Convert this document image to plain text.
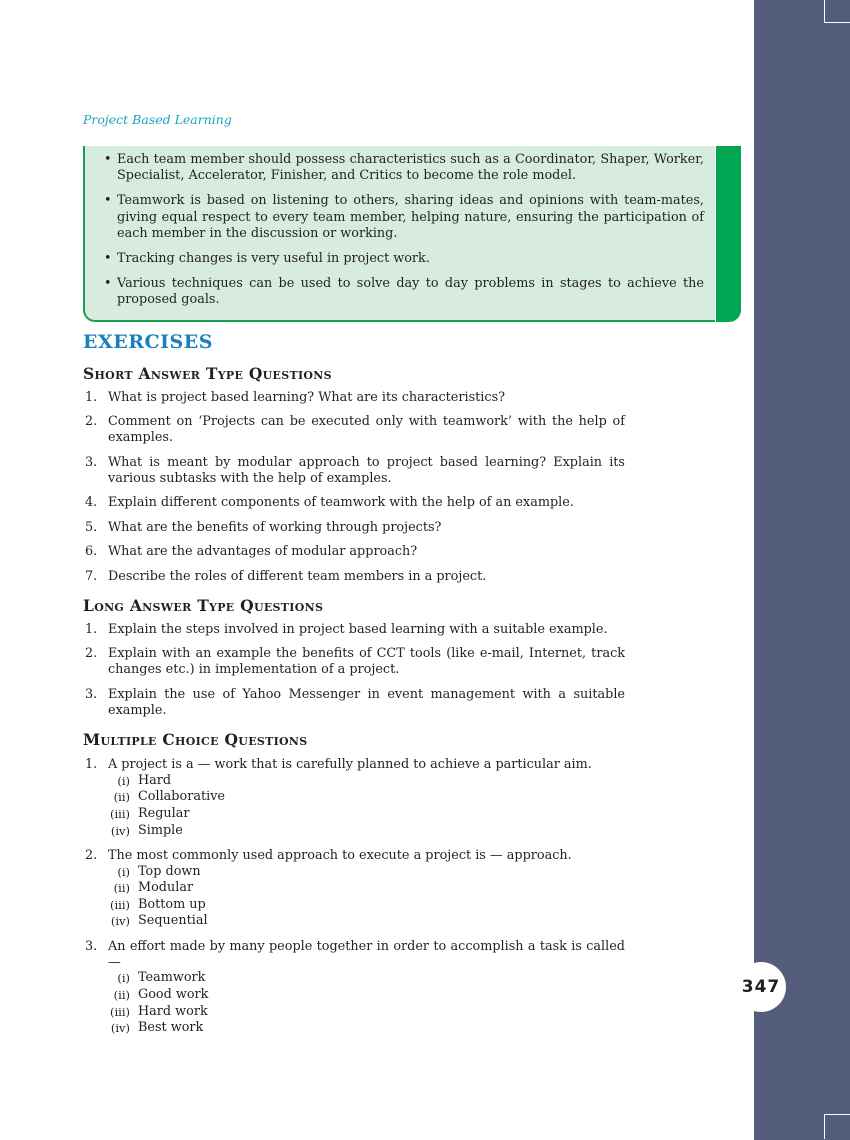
347
Project Based Learning
• Each team member should possess characteristics such as a Coordinator, Shaper, Worker, Specialist, Accelerator, Finisher, and Critics to become the role model.
• Teamwork is based on listening to others, sharing ideas and opinions with team-mates, giving equal respect to every team member, helping nature, ensuring the participation of each member in the discussion or working.
• Tracking changes is very useful in project work.
• Various techniques can be used to solve day to day problems in stages to achieve the proposed goals.
EXERCISES
Short Answer Type Questions
1. What is project based learning? What are its characteristics?
2. Comment on ‘Projects can be executed only with teamwork’ with the help of examples.
3. What is meant by modular approach to project based learning? Explain its various subtasks with the help of examples.
4. Explain different components of teamwork with the help of an example.
5. What are the benefits of working through projects?
6. What are the advantages of modular approach?
7. Describe the roles of different team members in a project.
Long Answer Type Questions
1. Explain the steps involved in project based learning with a suitable example.
2. Explain with an example the benefits of CCT tools (like e-mail, Internet, track changes etc.) in implementation of a project.
3. Explain the use of Yahoo Messenger in event management with a suitable example.
Multiple Choice Questions
1. A project is a — work that is carefully planned to achieve a particular aim.
(i) Hard
(ii) Collaborative
(iii) Regular
(iv) Simple
2. The most commonly used approach to execute a project is — approach.
(i) Top down
(ii) Modular
(iii) Bottom up
(iv) Sequential
3. An effort made by many people together in order to accomplish a task is called —
(i) Teamwork
(ii) Good work
(iii) Hard work
(iv) Best work
